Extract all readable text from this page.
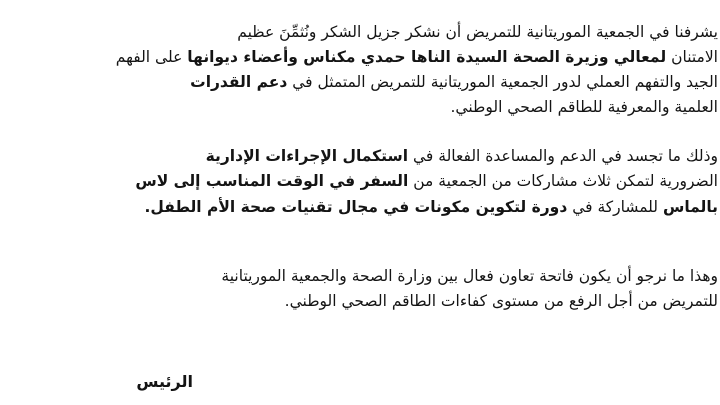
يشرفنا في الجمعية الموريتانية للتمريض أن نشكر جزيل الشكر ونُثمِّنَ عظيم
الامتنان لمعالي وزيرة الصحة السيدة الناها حمدي مكناس وأعضاء ديوانها على الفهم
الجيد والتفهم العملي لدور الجمعية الموريتانية للتمريض المتمثل في دعم القدرات
العلمية والمعرفية للطاقم الصحي الوطني.
وذلك ما تجسد في الدعم والمساعدة الفعالة في استكمال الإجراءات الإدارية
الضرورية لتمكن ثلاث مشاركات من الجمعية من السفر في الوقت المناسب إلى لاس
بالماس للمشاركة في دورة لتكوين مكونات في مجال تقنيات صحة الأم الطفل.
وهذا ما نرجو أن يكون فاتحة تعاون فعال بين وزارة الصحة والجمعية الموريتانية
للتمريض من أجل الرفع من مستوى كفاءات الطاقم الصحي الوطني.
الرئيس
